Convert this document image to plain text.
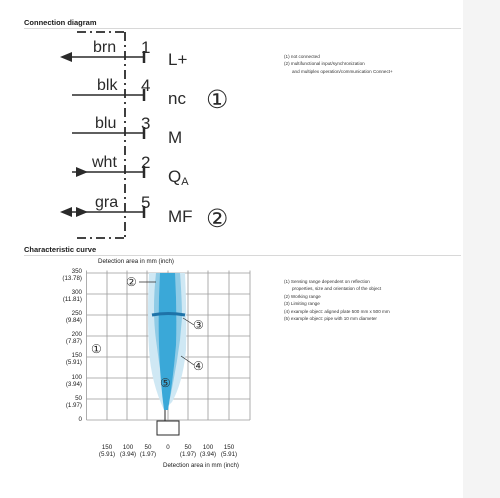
Connection diagram
brn 1
L+
blk 4
nc ①
blu 3
M
wht 2
QA
gra 5
MF ②
(1) not connected
(2) multifunctional input/synchronization
and multiplex operation/communication Connect+
Characteristic curve
Detection area in mm (inch)
350
(13.78)
300
(11.81)
250
(9.84)
200
(7.87)
150
(5.91)
100
(3.94)
50
(1.97)
0
②
①
③
④
⑤
150
(5.91)
100
(3.94)
50
(1.97)
0	50
(1.97)
100
(3.94)
150
(5.91)
Detection area in mm (inch)
(1) Sensing range dependent on reflection
properties, size and orientation of the object
(2) Working range
(3) Limiting range
(4) example object: aligned plate 500 mm x 500 mm
(5) example object: pipe with 10 mm diameter
